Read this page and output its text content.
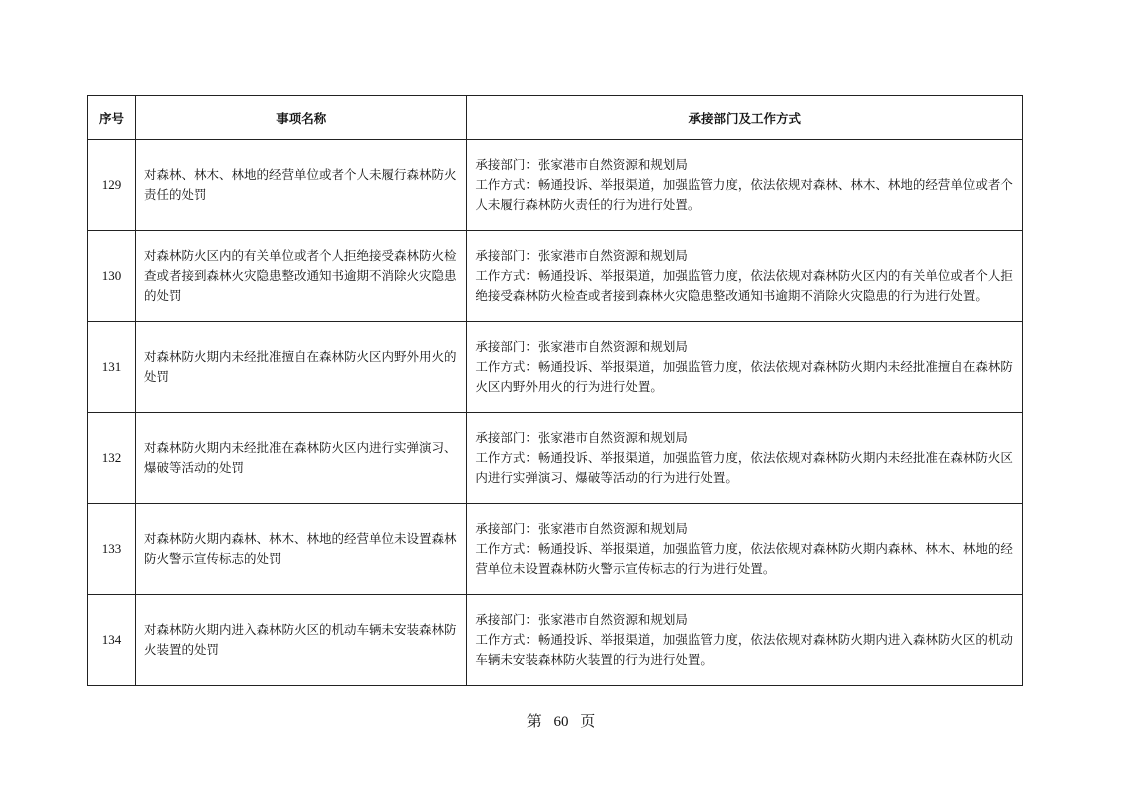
序号	事项名称	承接部门及工作方式
129	对森林、林木、林地的经营单位或者个人未履行森林防火责任的处罚	承接部门：张家港市自然资源和规划局
工作方式：畅通投诉、举报渠道，加强监管力度，依法依规对森林、林木、林地的经营单位或者个人未履行森林防火责任的行为进行处置。

130	对森林防火区内的有关单位或者个人拒绝接受森林防火检查或者接到森林火灾隐患整改通知书逾期不消除火灾隐患的处罚	承接部门：张家港市自然资源和规划局
工作方式：畅通投诉、举报渠道，加强监管力度，依法依规对森林防火区内的有关单位或者个人拒绝接受森林防火检查或者接到森林火灾隐患整改通知书逾期不消除火灾隐患的行为进行处置。

131	对森林防火期内未经批准擅自在森林防火区内野外用火的处罚	承接部门：张家港市自然资源和规划局
工作方式：畅通投诉、举报渠道，加强监管力度，依法依规对森林防火期内未经批准擅自在森林防火区内野外用火的行为进行处置。

132	对森林防火期内未经批准在森林防火区内进行实弹演习、爆破等活动的处罚	承接部门：张家港市自然资源和规划局
工作方式：畅通投诉、举报渠道，加强监管力度，依法依规对森林防火期内未经批准在森林防火区内进行实弹演习、爆破等活动的行为进行处置。

133	对森林防火期内森林、林木、林地的经营单位未设置森林防火警示宣传标志的处罚	承接部门：张家港市自然资源和规划局
工作方式：畅通投诉、举报渠道，加强监管力度，依法依规对森林防火期内森林、林木、林地的经营单位未设置森林防火警示宣传标志的行为进行处置。

134	对森林防火期内进入森林防火区的机动车辆未安装森林防火装置的处罚	承接部门：张家港市自然资源和规划局
工作方式：畅通投诉、举报渠道，加强监管力度，依法依规对森林防火期内进入森林防火区的机动车辆未安装森林防火装置的行为进行处置。
第 60 页
